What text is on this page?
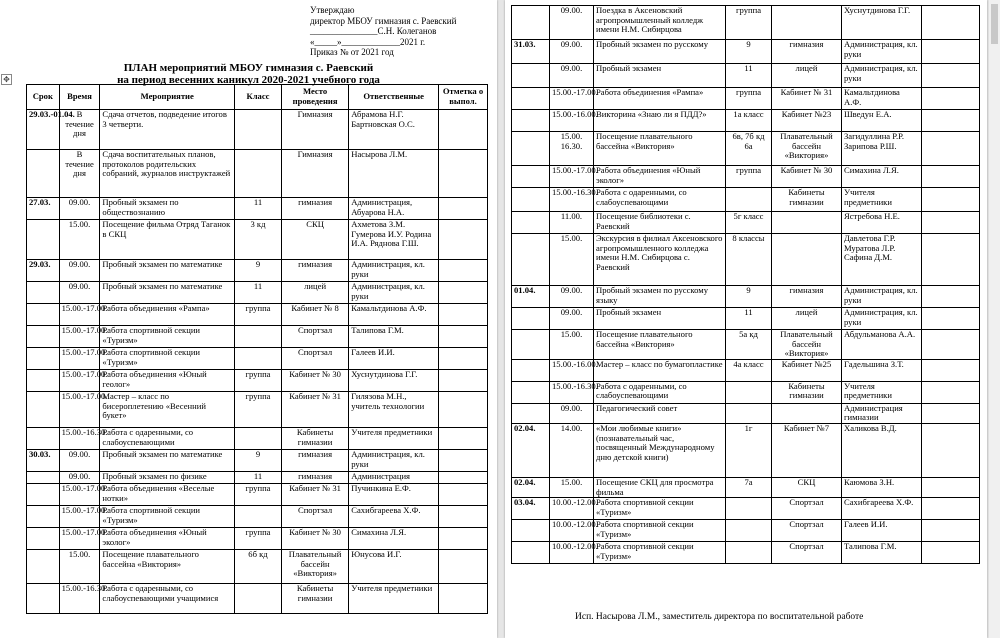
Утверждаю
директор МБОУ гимназия с. Раевский
_______________С.Н. Колеганов
«_____»_____________2021 г.
Приказ № от 2021 год
ПЛАН мероприятий МБОУ гимназия с. Раевский
на период весенних каникул 2020-2021 учебного года
✥
Срок	Время	Мероприятие	Класс	Место проведения	Ответственные	Отметка о выпол.
29.03.-01.04.	В течение дня	Сдача отчетов, подведение итогов 3 четверти.		Гимназия	Абрамова Н.Г. Бартновская О.С.	
	В течение дня	Сдача воспитательных планов, протоколов родительских собраний, журналов инструктажей		Гимназия	Насырова Л.М.	
27.03.	09.00.	Пробный экзамен по обществознанию	11	гимназия	Администрация, Абуарова Н.А.	
	15.00.	Посещение фильма Отряд Таганок в СКЦ	3 кд	СКЦ	Ахметова З.М. Гумерова И.У. Родина И.А. Ряднова Г.Ш.	
29.03.	09.00.	Пробный экзамен по математике	9	гимназия	Администрация, кл. руки	
	09.00.	Пробный экзамен по математике	11	лицей	Администрация, кл. руки	
	15.00.-17.00.	Работа объединения «Рампа»	группа	Кабинет № 8	Камальтдинова А.Ф.	
	15.00.-17.00.	Работа спортивной секции «Туризм»		Спортзал	Талипова Г.М.	
	15.00.-17.00.	Работа спортивной секции «Туризм»		Спортзал	Галеев И.И.	
	15.00.-17.00.	Работа объединения «Юный геолог»	группа	Кабинет № 30	Хуснутдинова Г.Г.	
	15.00.-17.00.	Мастер – класс по бисероплетению «Весенний букет»	группа	Кабинет № 31	Гилязова М.Н., учитель технологии	
	15.00.-16.30.	Работа с одаренными, со слабоуспевающими		Кабинеты гимназии	Учителя предметники	
30.03.	09.00.	Пробный экзамен по математике	9	гимназия	Администрация, кл. руки	
	09.00.	Пробный экзамен по физике	11	гимназия	Администрация	
	15.00.-17.00.	Работа объединения «Веселые нотки»	группа	Кабинет № 31	Пучинкина Е.Ф.	
	15.00.-17.00.	Работа спортивной секции «Туризм»		Спортзал	Сахибгареева Х.Ф.	
	15.00.-17.00.	Работа объединения «Юный эколог»	группа	Кабинет № 30	Симахина Л.Я.	
	15.00.	Посещение плавательного бассейна «Виктория»	6б кд	Плавательный бассейн «Виктория»	Юнусова И.Г.	
	15.00.-16.30.	Работа с одаренными, со слабоуспевающими учащимися		Кабинеты гимназии	Учителя предметники	
	09.00.	Поездка в Аксеновский агропромышленный колледж имени Н.М. Сибирцова	группа		Хуснутдинова Г.Г.	
31.03.	09.00.	Пробный экзамен по русскому	9	гимназия	Администрация, кл. руки	
	09.00.	Пробный экзамен	11	лицей	Администрация, кл. руки	
	15.00.-17.00.	Работа объединения «Рампа»	группа	Кабинет № 31	Камальтдинова А.Ф.	
	15.00.-16.00.	Викторина «Знаю ли я ПДД?»	1а класс	Кабинет №23	Шведун Е.А.	
	15.00. 16.30.	Посещение плавательного бассейна «Виктория»	6в, 7б кд 6а	Плавательный бассейн «Виктория»	Загидуллина Р.Р. Зарипова Р.Ш.	
	15.00.-17.00.	Работа объединения «Юный эколог»	группа	Кабинет № 30	Симахина Л.Я.	
	15.00.-16.30.	Работа с одаренными, со слабоуспевающими		Кабинеты гимназии	Учителя предметники	
	11.00.	Посещение библиотеки с. Раевский	5г класс		Ястребова Н.Е.	
	15.00.	Экскурсия в филиал Аксеновского агропромышленного колледжа имени Н.М. Сибирцова с. Раевский	8 классы		Давлетова Г.Р. Муратова Л.Р. Сафина Д.М.	
01.04.	09.00.	Пробный экзамен по русскому языку	9	гимназия	Администрация, кл. руки	
	09.00.	Пробный экзамен	11	лицей	Администрация, кл. руки	
	15.00.	Посещение плавательного бассейна «Виктория»	5а кд	Плавательный бассейн «Виктория»	Абдульманова А.А.	
	15.00.-16.00.	Мастер – класс по бумагопластике	4а класс	Кабинет №25	Гадельшина З.Т.	
	15.00.-16.30.	Работа с одаренными, со слабоуспевающими		Кабинеты гимназии	Учителя предметники	
	09.00.	Педагогический совет			Администрация гимназии	
02.04.	14.00.	«Мои любимые книги» (познавательный час, посвященный Международному дню детской книги)	1г	Кабинет №7	Халикова В.Д.	
02.04.	15.00.	Посещение СКЦ для просмотра фильма	7а	СКЦ	Каюмова З.Н.	
03.04.	10.00.-12.00.	Работа спортивной секции «Туризм»		Спортзал	Сахибгареева Х.Ф.	
	10.00.-12.00.	Работа спортивной секции «Туризм»		Спортзал	Галеев И.И.	
	10.00.-12.00.	Работа спортивной секции «Туризм»		Спортзал	Талипова Г.М.	
Исп. Насырова Л.М., заместитель директора по воспитательной работе
